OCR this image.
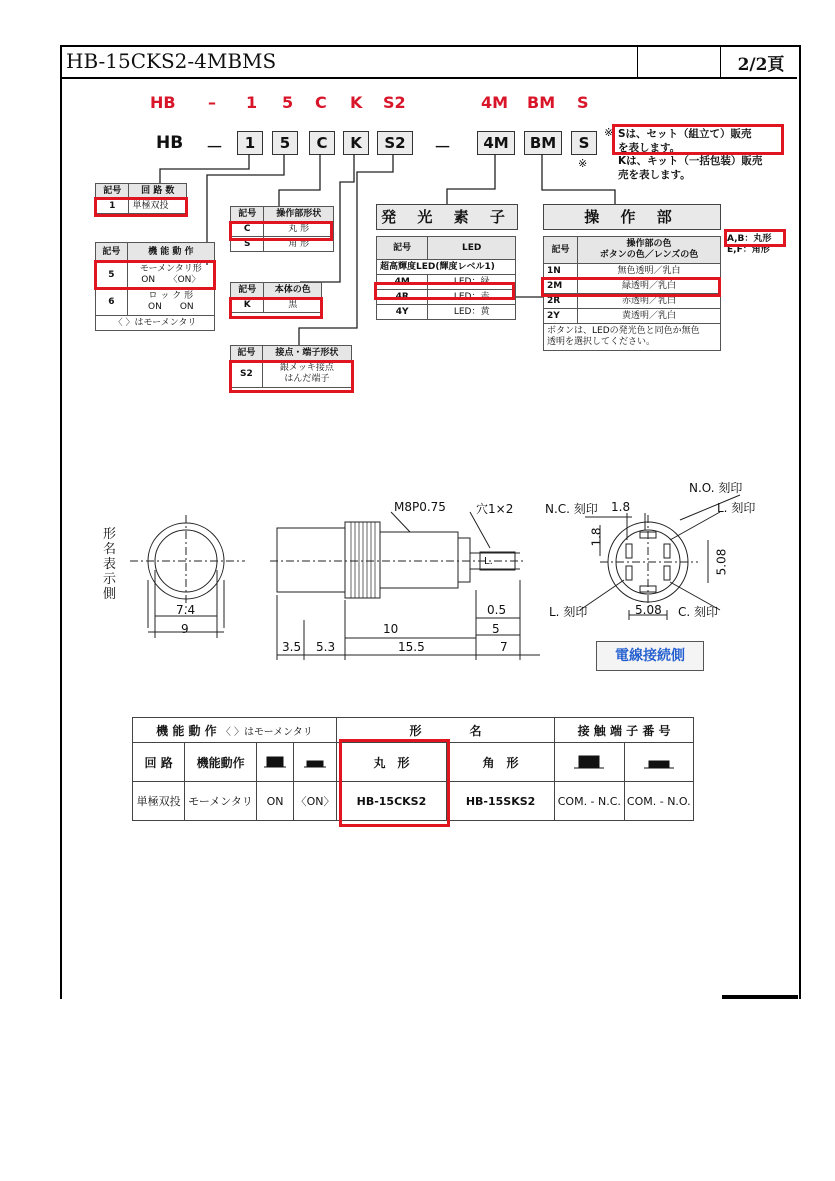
HB-15CKS2-4MBMS	2/2頁
HB – 1 5 C K S2	4M BM S
HB －	1	5	C	K	S2	－	4M	BM	S
※
※
Sは、セット（組立て）販売
を表します。
Kは、キット（一括包装）販売
売を表します。
記号	回 路 数
1	単極双投
記号	機 能 動 作
5	モーメンタリ形
ON　　〈ON〉

6	ロ ッ ク 形
ON　　ON

〈 〉はモーメンタリ	
記号	操作部形状
C	丸 形
S	角 形
記号	本体の色
K	黒
記号	接点・端子形状
S2	銀メッキ接点
はんだ端子
発 光 素 子
記号	LED
超高輝度LED(輝度レベル1)	
4M	LED：緑
4R	LED：赤
4Y	LED：黄
操 作 部
記号	操作部の色
ボタンの色／レンズの色

1N	無色透明／乳白
2M	緑透明／乳白
2R	赤透明／乳白
2Y	黄透明／乳白

ボタンは、LEDの発光色と同色か無色
透明を選択してください。	
A,B：丸形
E,F：角形
形
名
表
示
側
M8P0.75	穴1×2	N.C. 刻印
N.O. 刻印
L. 刻印
L. 刻印	C. 刻印
1.8
1.8
5.08
5.08
7.4
9	10
15.5
3.5 5.3
0.5
5
7
L.
電線接続側
機 能 動 作 〈 〉はモーメンタリ				形　　　　名		接 触 端 子 番 号	
回 路	機能動作			丸　形	角　形		
単極双投	モーメンタリ	ON	〈ON〉	HB-15CKS2	HB-15SKS2	COM. - N.C.	COM. - N.O.
